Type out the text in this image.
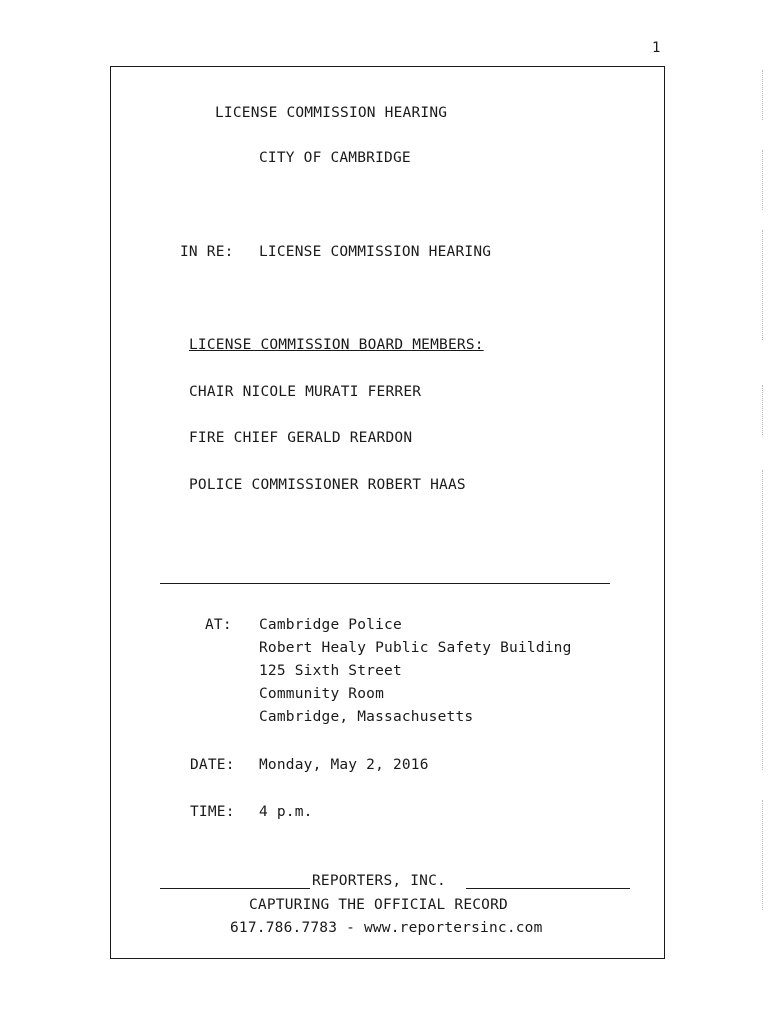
1
LICENSE COMMISSION HEARING
CITY OF CAMBRIDGE
IN RE: LICENSE COMMISSION HEARING
LICENSE COMMISSION BOARD MEMBERS:
CHAIR NICOLE MURATI FERRER
FIRE CHIEF GERALD REARDON
POLICE COMMISSIONER ROBERT HAAS
AT: Cambridge Police
Robert Healy Public Safety Building
125 Sixth Street
Community Room
Cambridge, Massachusetts
DATE: Monday, May 2, 2016
TIME: 4 p.m.
REPORTERS, INC.
CAPTURING THE OFFICIAL RECORD
617.786.7783 - www.reportersinc.com
